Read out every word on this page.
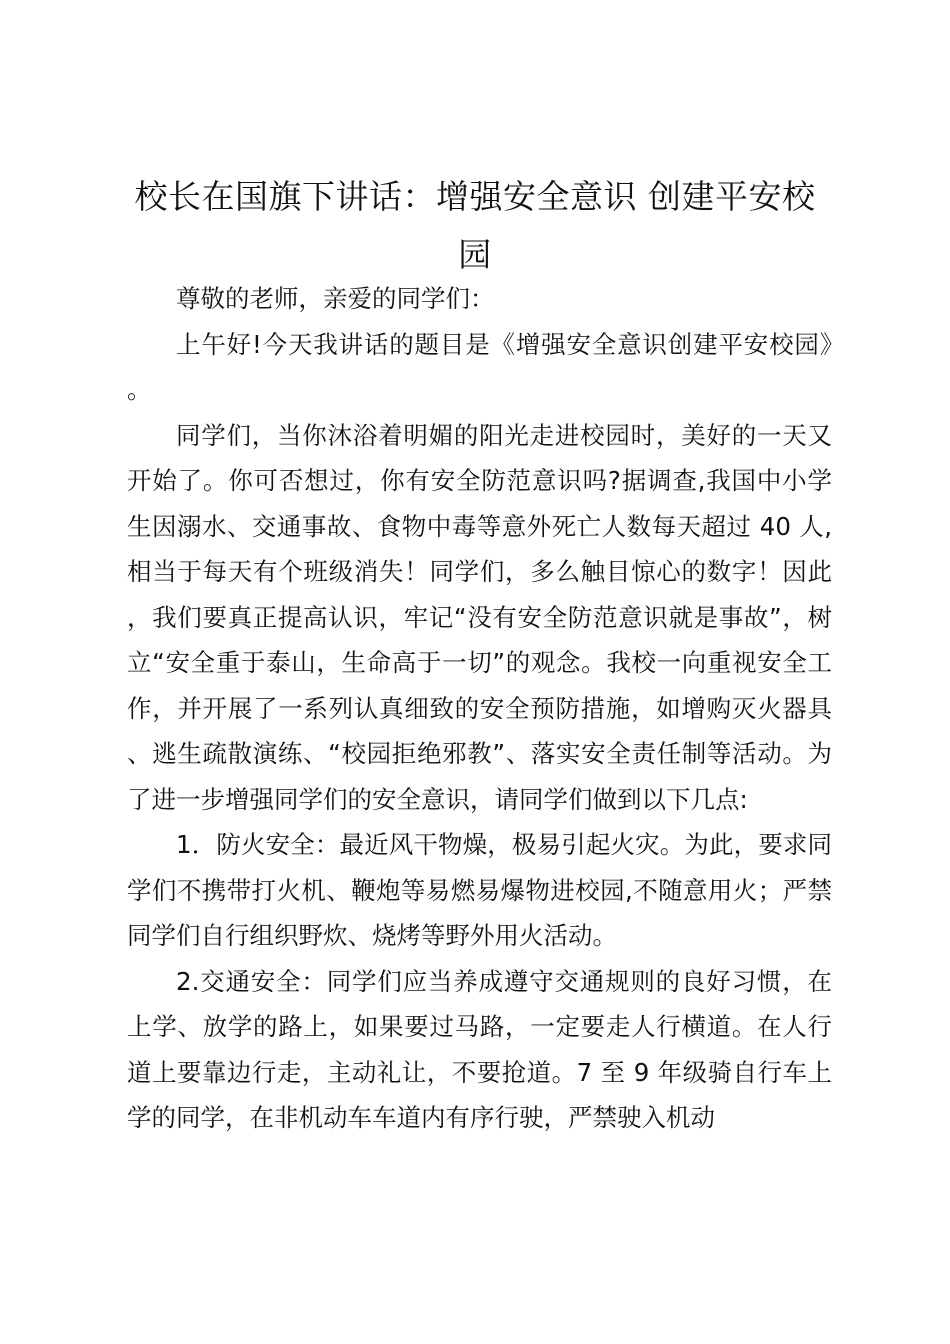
校长在国旗下讲话：增强安全意识 创建平安校园

尊敬的老师，亲爱的同学们：

上午好!今天我讲话的题目是《增强安全意识创建平安校园》。

同学们，当你沐浴着明媚的阳光走进校园时，美好的一天又开始了。你可否想过，你有安全防范意识吗?据调查,我国中小学生因溺水、交通事故、食物中毒等意外死亡人数每天超过 40 人,相当于每天有个班级消失！同学们，多么触目惊心的数字！因此，我们要真正提高认识，牢记“没有安全防范意识就是事故”，树立“安全重于泰山，生命高于一切”的观念。我校一向重视安全工作，并开展了一系列认真细致的安全预防措施，如增购灭火器具、逃生疏散演练、“校园拒绝邪教”、落实安全责任制等活动。为了进一步增强同学们的安全意识，请同学们做到以下几点:

1．防火安全：最近风干物燥，极易引起火灾。为此，要求同学们不携带打火机、鞭炮等易燃易爆物进校园,不随意用火；严禁同学们自行组织野炊、烧烤等野外用火活动。

2.交通安全：同学们应当养成遵守交通规则的良好习惯，在上学、放学的路上，如果要过马路，一定要走人行横道。在人行道上要靠边行走，主动礼让，不要抢道。7 至 9 年级骑自行车上学的同学，在非机动车车道内有序行驶，严禁驶入机动
